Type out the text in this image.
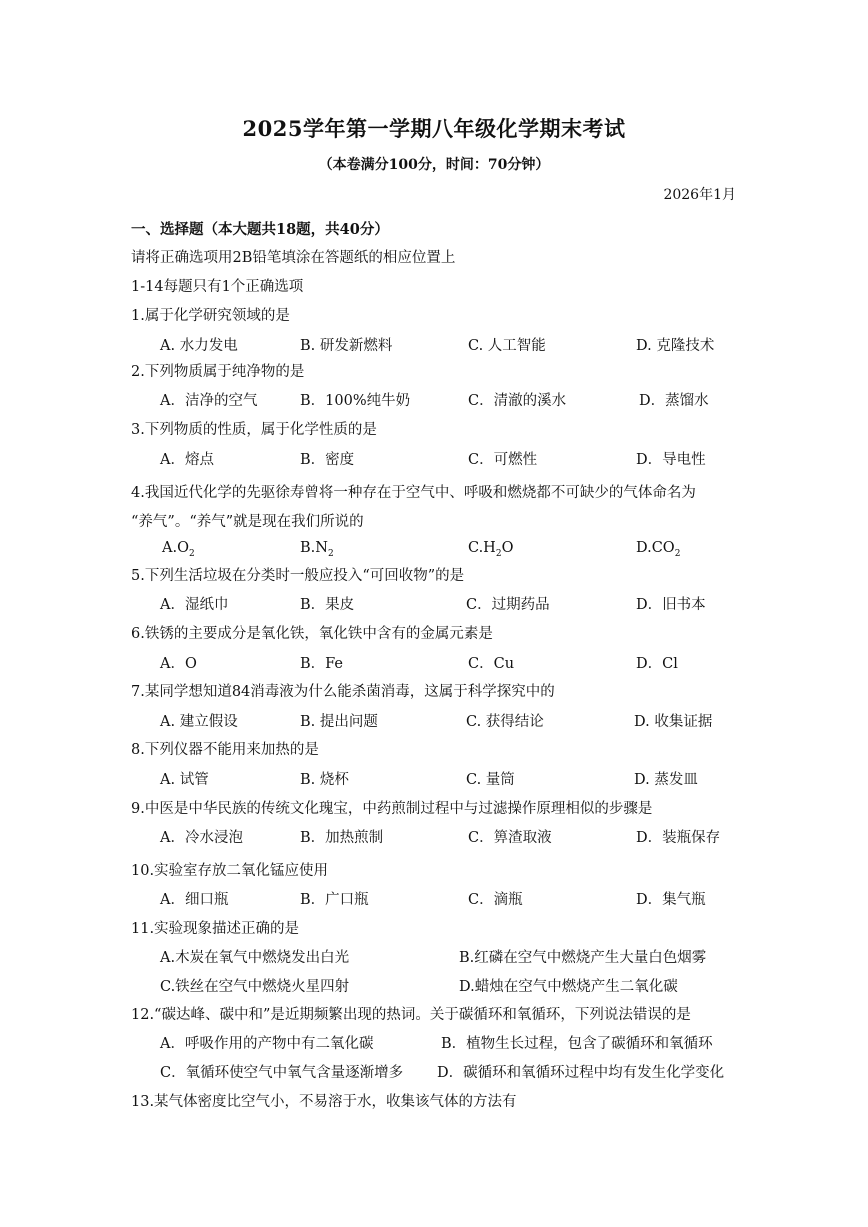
2025学年第一学期八年级化学期末考试
（本卷满分100分，时间：70分钟）
2026年1月
一、选择题（本大题共18题，共40分）
请将正确选项用2B铅笔填涂在答题纸的相应位置上
1-14每题只有1个正确选项
1.属于化学研究领域的是
A. 水力发电	B. 研发新燃料	C. 人工智能	D. 克隆技术
2.下列物质属于纯净物的是
A．洁净的空气	B．100%纯牛奶	C．清澈的溪水	D．蒸馏水
3.下列物质的性质，属于化学性质的是
A．熔点	B．密度	C．可燃性	D．导电性
4.我国近代化学的先驱徐寿曾将一种存在于空气中、呼吸和燃烧都不可缺少的气体命名为
“养气”。“养气”就是现在我们所说的
$A.O_2$	$B.N_2$	$C.H_2O$	$D.CO_2$
5.下列生活垃圾在分类时一般应投入“可回收物”的是
A．湿纸巾	B．果皮	C．过期药品	D．旧书本
6.铁锈的主要成分是氧化铁，氧化铁中含有的金属元素是
A．O	B．Fe	C．Cu	D．Cl
7.某同学想知道84消毒液为什么能杀菌消毒，这属于科学探究中的
A. 建立假设	B. 提出问题	C. 获得结论	D. 收集证据
8.下列仪器不能用来加热的是
A. 试管	B. 烧杯	C. 量筒	D. 蒸发皿
9.中医是中华民族的传统文化瑰宝，中药煎制过程中与过滤操作原理相似的步骤是
A．冷水浸泡	B．加热煎制	C．箅渣取液	D．装瓶保存
10.实验室存放二氧化锰应使用
A．细口瓶	B．广口瓶	C．滴瓶	D．集气瓶
11.实验现象描述正确的是
A.木炭在氧气中燃烧发出白光	B.红磷在空气中燃烧产生大量白色烟雾
C.铁丝在空气中燃烧火星四射	D.蜡烛在空气中燃烧产生二氧化碳
12.“碳达峰、碳中和”是近期频繁出现的热词。关于碳循环和氧循环，下列说法错误的是
A．呼吸作用的产物中有二氧化碳	B．植物生长过程，包含了碳循环和氧循环
C．氧循环使空气中氧气含量逐渐增多 D．碳循环和氧循环过程中均有发生化学变化
13.某气体密度比空气小，不易溶于水，收集该气体的方法有
